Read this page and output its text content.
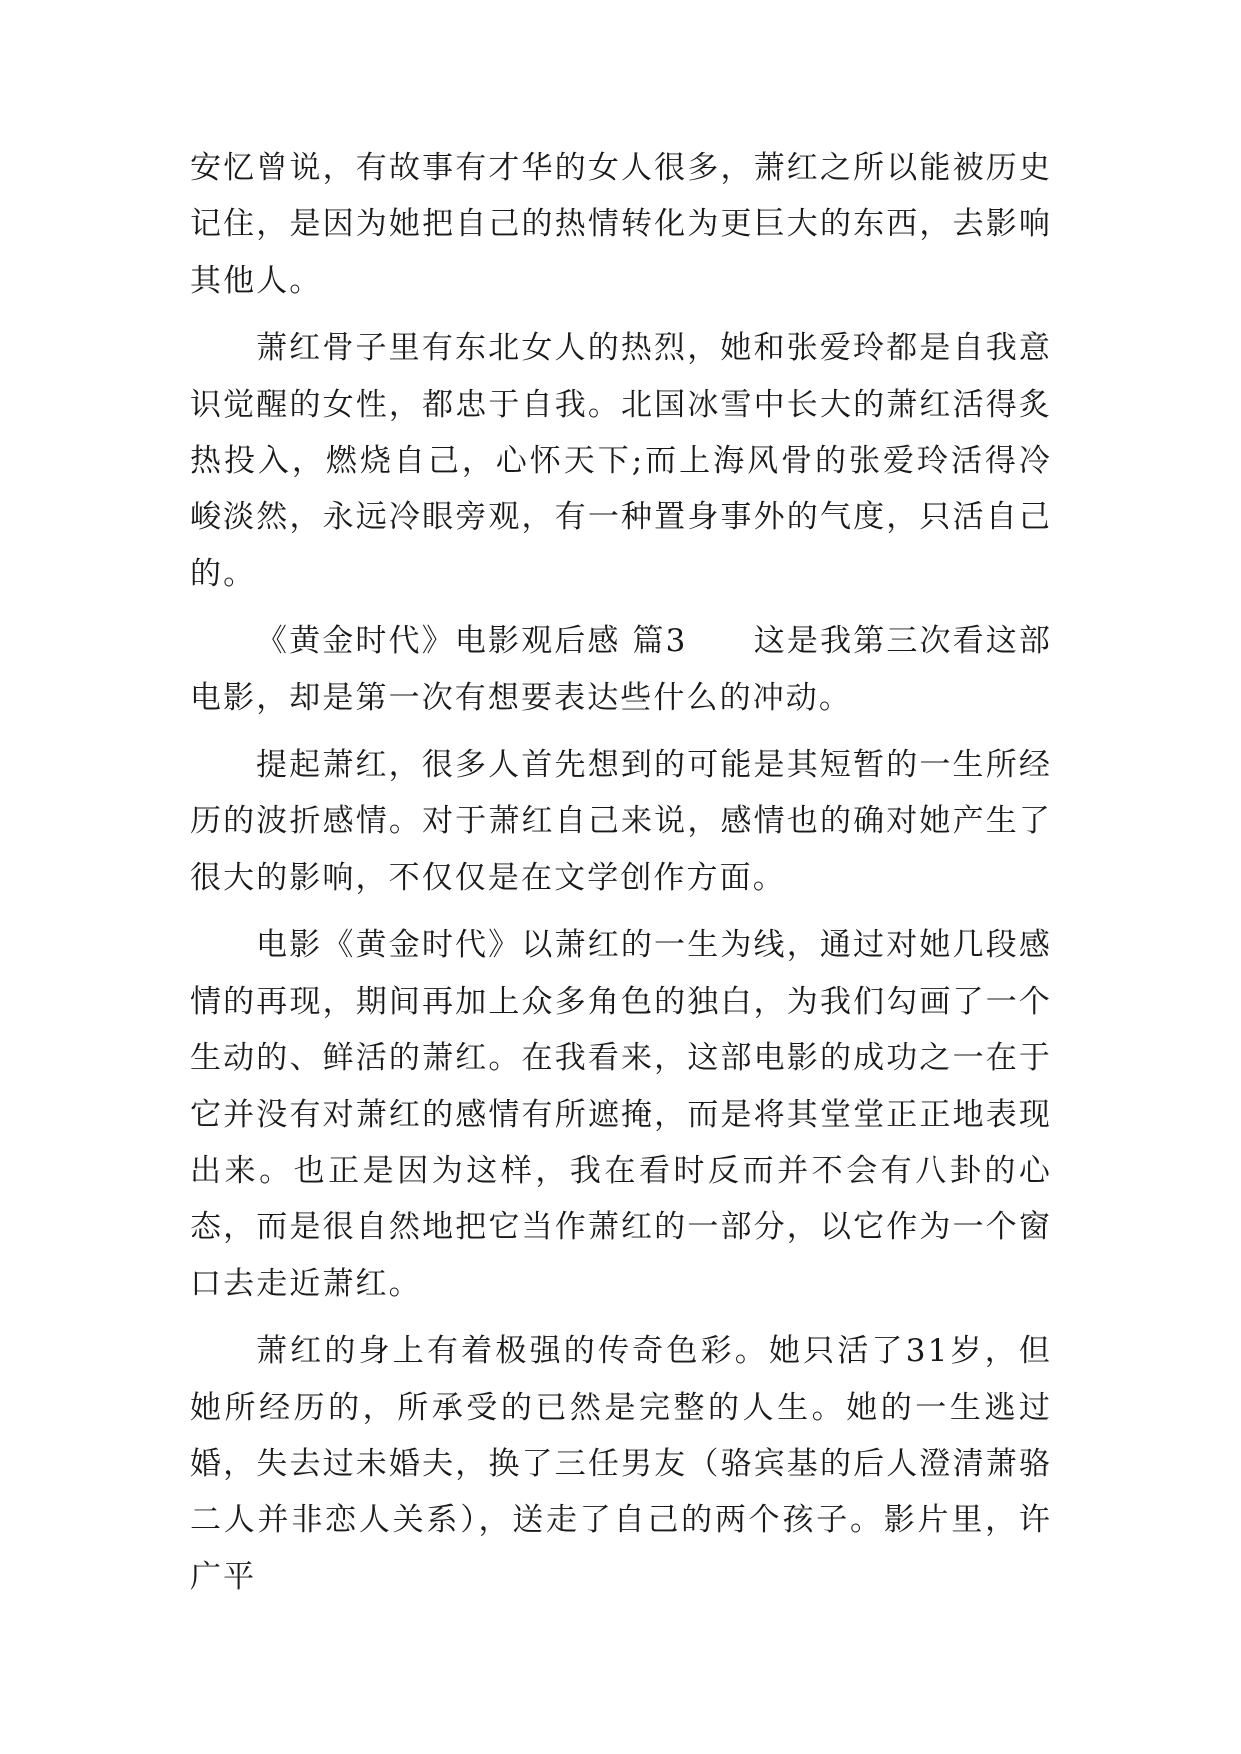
安忆曾说，有故事有才华的女人很多，萧红之所以能被历史记住，是因为她把自己的热情转化为更巨大的东西，去影响其他人。

萧红骨子里有东北女人的热烈，她和张爱玲都是自我意识觉醒的女性，都忠于自我。北国冰雪中长大的萧红活得炙热投入，燃烧自己，心怀天下;而上海风骨的张爱玲活得冷峻淡然，永远冷眼旁观，有一种置身事外的气度，只活自己的。

《黄金时代》电影观后感 篇3　　这是我第三次看这部电影，却是第一次有想要表达些什么的冲动。

提起萧红，很多人首先想到的可能是其短暂的一生所经历的波折感情。对于萧红自己来说，感情也的确对她产生了很大的影响，不仅仅是在文学创作方面。

电影《黄金时代》以萧红的一生为线，通过对她几段感情的再现，期间再加上众多角色的独白，为我们勾画了一个生动的、鲜活的萧红。在我看来，这部电影的成功之一在于它并没有对萧红的感情有所遮掩，而是将其堂堂正正地表现出来。也正是因为这样，我在看时反而并不会有八卦的心态，而是很自然地把它当作萧红的一部分，以它作为一个窗口去走近萧红。

萧红的身上有着极强的传奇色彩。她只活了31岁，但她所经历的，所承受的已然是完整的人生。她的一生逃过婚，失去过未婚夫，换了三任男友（骆宾基的后人澄清萧骆二人并非恋人关系），送走了自己的两个孩子。影片里，许广平
